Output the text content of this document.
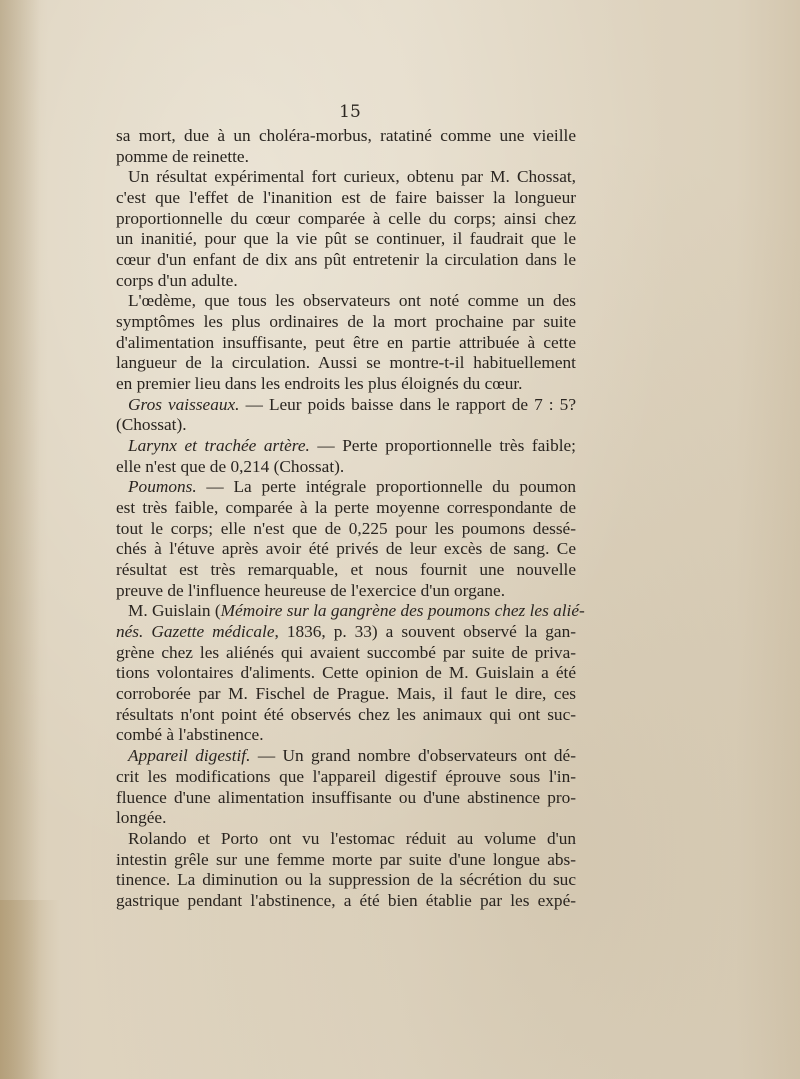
15
sa mort, due à un choléra-morbus, ratatiné comme une vieille
pomme de reinette.
Un résultat expérimental fort curieux, obtenu par M. Chossat,
c'est que l'effet de l'inanition est de faire baisser la longueur
proportionnelle du cœur comparée à celle du corps; ainsi chez
un inanitié, pour que la vie pût se continuer, il faudrait que le
cœur d'un enfant de dix ans pût entretenir la circulation dans le
corps d'un adulte.
L'œdème, que tous les observateurs ont noté comme un des
symptômes les plus ordinaires de la mort prochaine par suite
d'alimentation insuffisante, peut être en partie attribuée à cette
langueur de la circulation. Aussi se montre-t-il habituellement
en premier lieu dans les endroits les plus éloignés du cœur.
Gros vaisseaux. — Leur poids baisse dans le rapport de 7 : 5?
(Chossat).
Larynx et trachée artère. — Perte proportionnelle très faible;
elle n'est que de 0,214 (Chossat).
Poumons. — La perte intégrale proportionnelle du poumon
est très faible, comparée à la perte moyenne correspondante de
tout le corps; elle n'est que de 0,225 pour les poumons dessé-
chés à l'étuve après avoir été privés de leur excès de sang. Ce
résultat est très remarquable, et nous fournit une nouvelle
preuve de l'influence heureuse de l'exercice d'un organe.
M. Guislain (Mémoire sur la gangrène des poumons chez les alié-
nés. Gazette médicale, 1836, p. 33) a souvent observé la gan-
grène chez les aliénés qui avaient succombé par suite de priva-
tions volontaires d'aliments. Cette opinion de M. Guislain a été
corroborée par M. Fischel de Prague. Mais, il faut le dire, ces
résultats n'ont point été observés chez les animaux qui ont suc-
combé à l'abstinence.
Appareil digestif. — Un grand nombre d'observateurs ont dé-
crit les modifications que l'appareil digestif éprouve sous l'in-
fluence d'une alimentation insuffisante ou d'une abstinence pro-
longée.
Rolando et Porto ont vu l'estomac réduit au volume d'un
intestin grêle sur une femme morte par suite d'une longue abs-
tinence. La diminution ou la suppression de la sécrétion du suc
gastrique pendant l'abstinence, a été bien établie par les expé-
